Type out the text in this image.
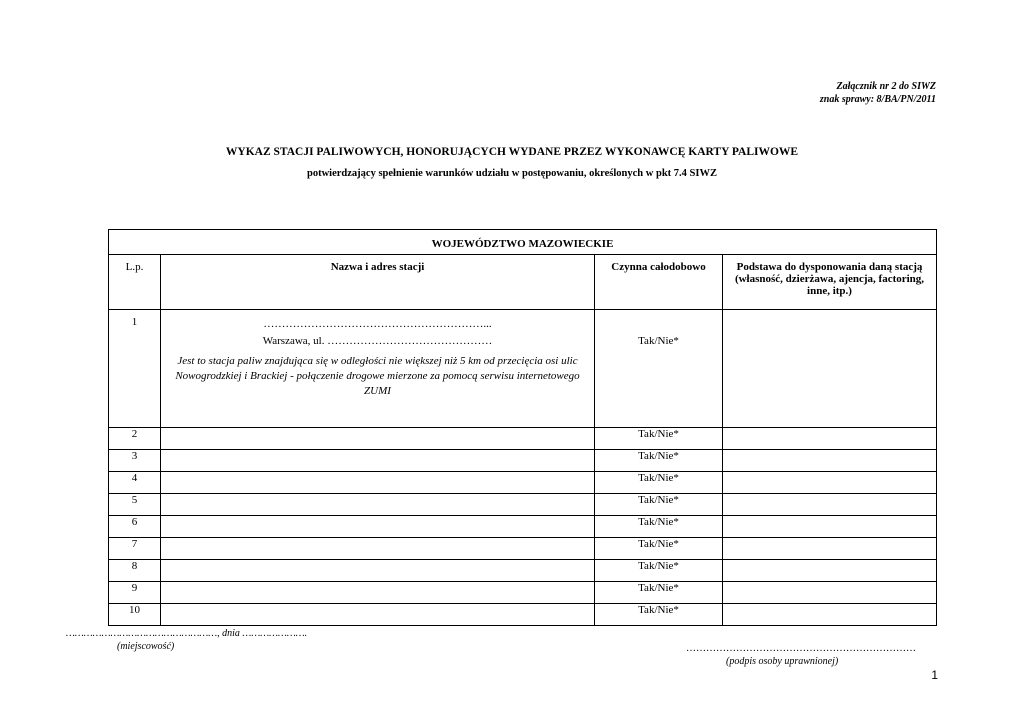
Załącznik nr 2 do SIWZ
znak sprawy: 8/BA/PN/2011
WYKAZ STACJI PALIWOWYCH, HONORUJĄCYCH WYDANE PRZEZ WYKONAWCĘ KARTY PALIWOWE
potwierdzający spełnienie warunków udziału w postępowaniu, określonych w pkt 7.4 SIWZ
WOJEWÓDZTWO MAZOWIECKIE			
L.p.	Nazwa i adres stacji	Czynna całodobowo	Podstawa do dysponowania daną stacją (własność, dzierżawa, ajencja, factoring, inne, itp.)
1	……………………………………………………...
Warszawa, ul. ………………………………………
Jest to stacja paliw znajdująca się w odległości nie większej niż 5 km od przecięcia osi ulic Nowogrodzkiej i Brackiej - połączenie drogowe mierzone za pomocą serwisu internetowego ZUMI	Tak/Nie*	
2		Tak/Nie*	
3		Tak/Nie*	
4		Tak/Nie*	
5		Tak/Nie*	
6		Tak/Nie*	
7		Tak/Nie*	
8		Tak/Nie*	
9		Tak/Nie*	
10		Tak/Nie*	
……………………………………………, dnia ………………….
(miejscowość)	……………………………………………………………
(podpis osoby uprawnionej)
1
